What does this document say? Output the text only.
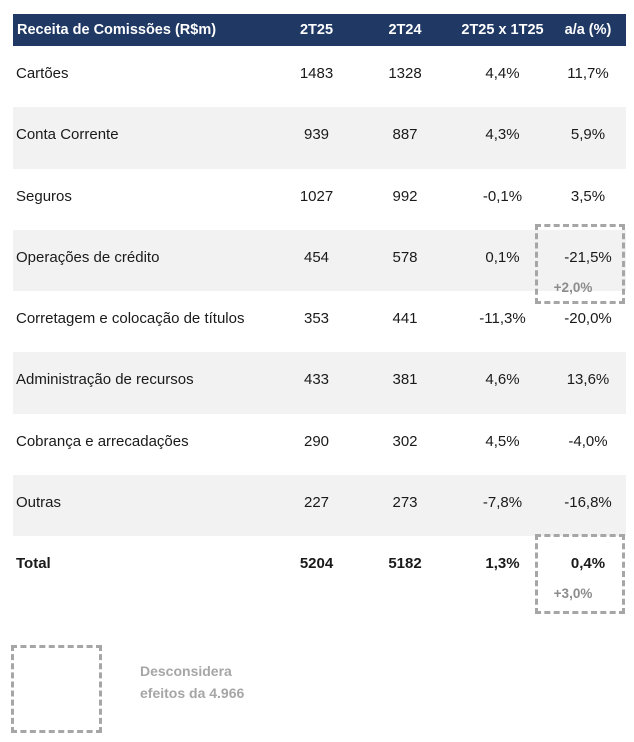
Receita de Comissões (R$m)	2T25	2T24	2T25 x 1T25	a/a (%)
Cartões	1483	1328	4,4%	11,7%
Conta Corrente	939	887	4,3%	5,9%
Seguros	1027	992	-0,1%	3,5%
Operações de crédito	454	578	0,1%	-21,5%
+2,0%
Corretagem e colocação de títulos	353	441	-11,3%	-20,0%
Administração de recursos	433	381	4,6%	13,6%
Cobrança e arrecadações	290	302	4,5%	-4,0%
Outras	227	273	-7,8%	-16,8%
Total	5204	5182	1,3%	0,4%
+3,0%
Desconsidera
efeitos da 4.966
